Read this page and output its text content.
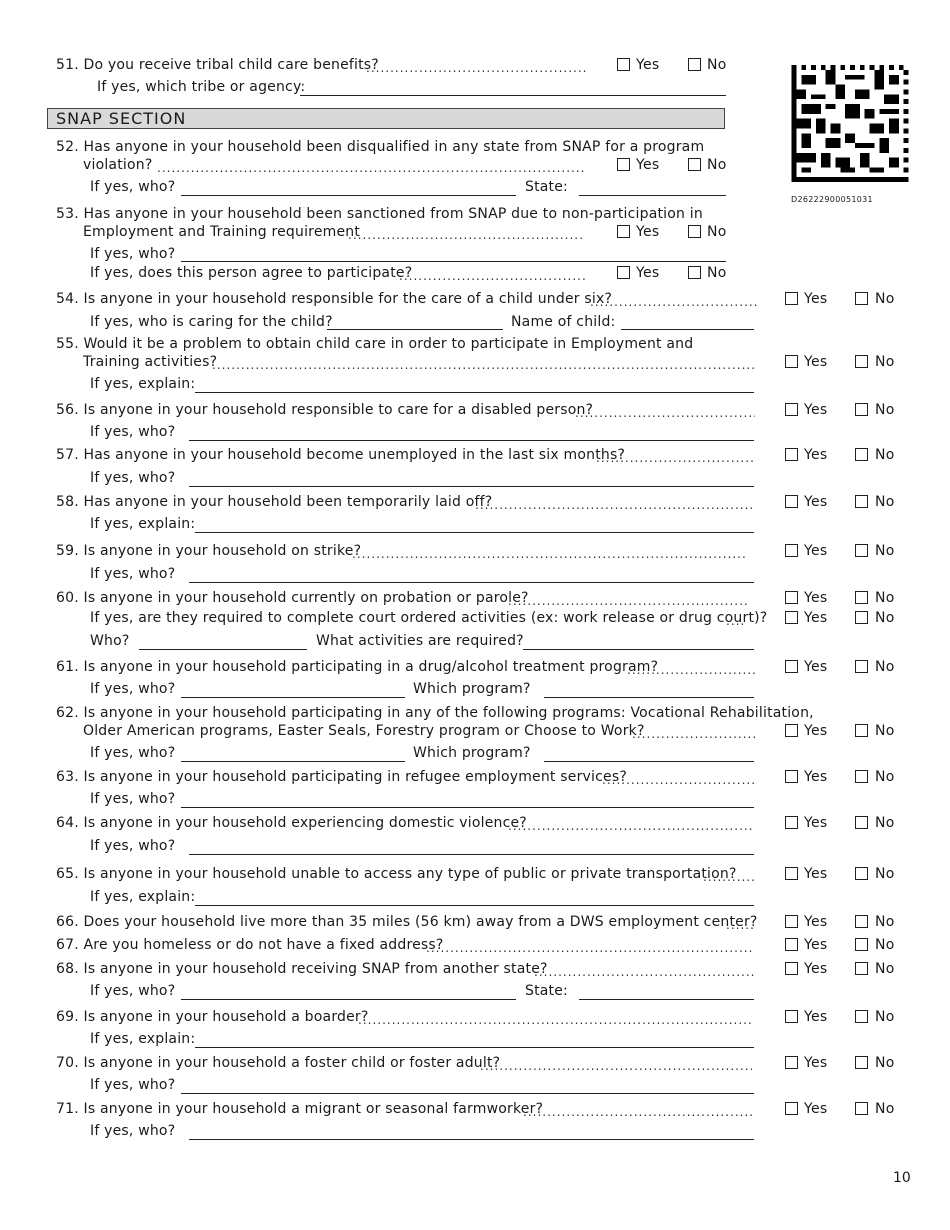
D26222900051031
51. Do you receive tribal child care benefits? .....	Yes	No
If yes, which tribe or agency:
SNAP SECTION
52. Has anyone in your household been disqualified in any state from SNAP for a program
violation? .....	Yes	No
If yes, who?	State:
53. Has anyone in your household been sanctioned from SNAP due to non-participation in
Employment and Training requirement .....	Yes	No
If yes, who?
If yes, does this person agree to participate? .....	Yes	No
54. Is anyone in your household responsible for the care of a child under six? .....	Yes	No
If yes, who is caring for the child?	Name of child:
55. Would it be a problem to obtain child care in order to participate in Employment and
Training activities? .....	Yes	No
If yes, explain:
56. Is anyone in your household responsible to care for a disabled person? .....	Yes	No
If yes, who?
57. Has anyone in your household become unemployed in the last six months? .....	Yes	No
If yes, who?
58. Has anyone in your household been temporarily laid off? .....	Yes	No
If yes, explain:
59. Is anyone in your household on strike? .....	Yes	No
If yes, who?
60. Is anyone in your household currently on probation or parole? .....	Yes	No
If yes, are they required to complete court ordered activities (ex: work release or drug court)? .....	Yes	No
Who?	What activities are required?
61. Is anyone in your household participating in a drug/alcohol treatment program? .....	Yes	No
If yes, who?	Which program?
62. Is anyone in your household participating in any of the following programs: Vocational Rehabilitation,
Older American programs, Easter Seals, Forestry program or Choose to Work? .....	Yes	No
If yes, who?	Which program?
63. Is anyone in your household participating in refugee employment services? .....	Yes	No
If yes, who?
64. Is anyone in your household experiencing domestic violence? .....	Yes	No
If yes, who?
65. Is anyone in your household unable to access any type of public or private transportation? .....	Yes	No
If yes, explain:
66. Does your household live more than 35 miles (56 km) away from a DWS employment center? .....	Yes	No
67. Are you homeless or do not have a fixed address? .....	Yes	No
68. Is anyone in your household receiving SNAP from another state? .....	Yes	No
If yes, who?	State:
69. Is anyone in your household a boarder? .....	Yes	No
If yes, explain:
70. Is anyone in your household a foster child or foster adult? .....	Yes	No
If yes, who?
71. Is anyone in your household a migrant or seasonal farmworker? .....	Yes	No
If yes, who?
10
